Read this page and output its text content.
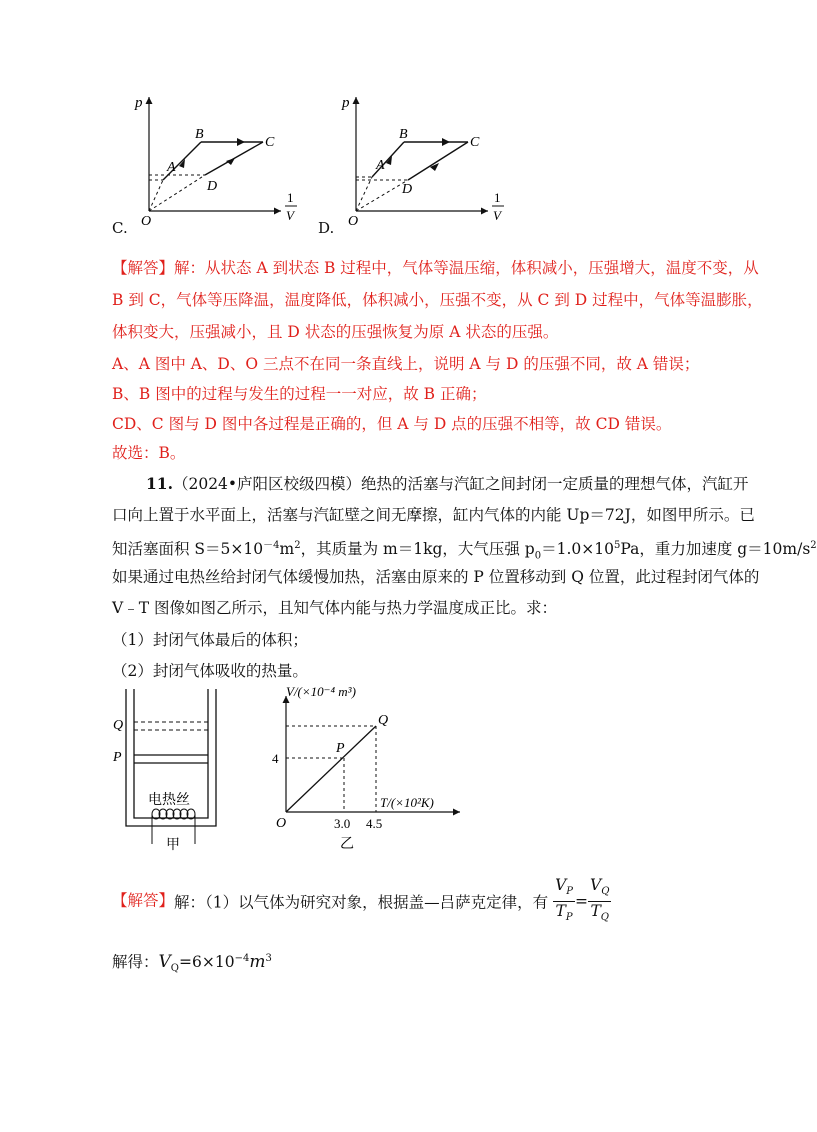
p
O
1
V
A
B
C
D
C.
p
O
1
V
A
B
C
D
D.
【解答】解：从状态 A 到状态 B 过程中，气体等温压缩，体积减小，压强增大，温度不变，从
B 到 C，气体等压降温，温度降低，体积减小，压强不变，从 C 到 D 过程中，气体等温膨胀，
体积变大，压强减小，且 D 状态的压强恢复为原 A 状态的压强。
A、A 图中 A、D、O 三点不在同一条直线上，说明 A 与 D 的压强不同，故 A 错误；
B、B 图中的过程与发生的过程一一对应，故 B 正确；
CD、C 图与 D 图中各过程是正确的，但 A 与 D 点的压强不相等，故 CD 错误。
故选：B。
11.（2024•庐阳区校级四模）绝热的活塞与汽缸之间封闭一定质量的理想气体，汽缸开
口向上置于水平面上，活塞与汽缸壁之间无摩擦，缸内气体的内能 Up＝72J，如图甲所示。已
知活塞面积 $S=5\times 10^{-4}m^2$，其质量为 m＝1kg，大气压强 $p_0=1.0\times 10^5Pa$，重力加速度 $g=10m/s^2$
如果通过电热丝给封闭气体缓慢加热，活塞由原来的 P 位置移动到 Q 位置，此过程封闭气体的
V﹣T 图像如图乙所示，且知气体内能与热力学温度成正比。求：
（1）封闭气体最后的体积；
（2）封闭气体吸收的热量。
Q
P
电热丝
甲
V/(×10⁻⁴ m³)
T/(×10²K)
O
4
3.0 4.5
P
Q
乙
【解答】解：（1）以气体为研究对象，根据盖—吕萨克定律，有 $\frac{V_P}{T_P} = \frac{V_Q}{T_Q}$
解得：$V_Q=6\times 10^{-4}m^3$
